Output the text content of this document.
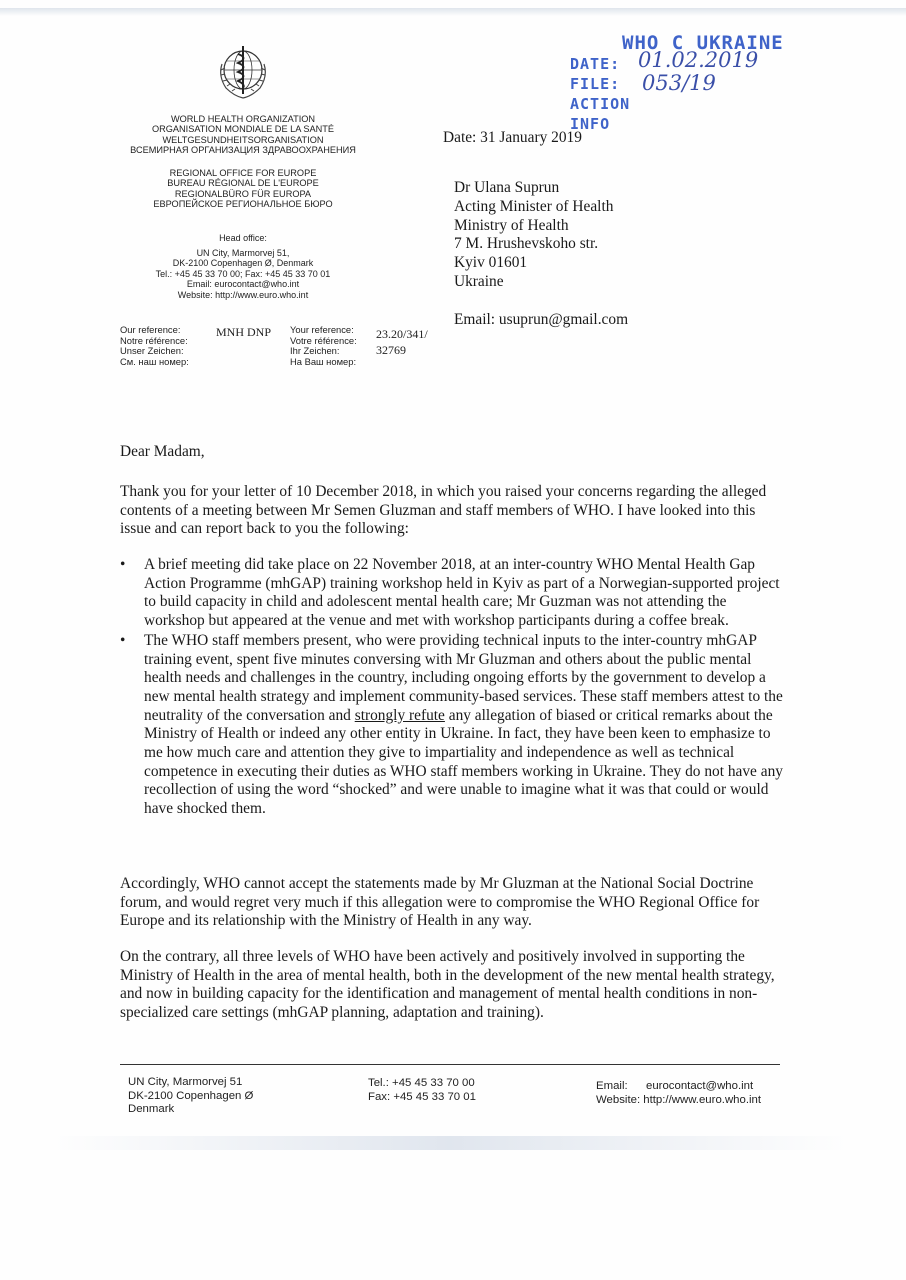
WORLD HEALTH ORGANIZATION
ORGANISATION MONDIALE DE LA SANTÉ
WELTGESUNDHEITSORGANISATION
ВСЕМИРНАЯ ОРГАНИЗАЦИЯ ЗДРАВООХРАНЕНИЯ
REGIONAL OFFICE FOR EUROPE
BUREAU RÉGIONAL DE L'EUROPE
REGIONALBÜRO FÜR EUROPA
ЕВРОПЕЙСКОЕ РЕГИОНАЛЬНОЕ БЮРО
Head office:
UN City, Marmorvej 51,
DK-2100 Copenhagen Ø, Denmark
Tel.: +45 45 33 70 00; Fax: +45 45 33 70 01
Email: eurocontact@who.int
Website: http://www.euro.who.int
Our reference:
Notre référence:
Unser Zeichen:
См. наш номер:
MNH DNP Your reference:
Votre référence:
Ihr Zeichen:
На Ваш номер:
23.20/341/
32769
WHO C UKRAINE
DATE: 01.02.2019
FILE: 053/19
ACTION
INFO
Date: 31 January 2019
Dr Ulana Suprun
Acting Minister of Health
Ministry of Health
7 M. Hrushevskoho str.
Kyiv 01601
Ukraine
Email: usuprun@gmail.com
Dear Madam,
Thank you for your letter of 10 December 2018, in which you raised your concerns regarding the alleged contents of a meeting between Mr Semen Gluzman and staff members of WHO. I have looked into this issue and can report back to you the following:
• A brief meeting did take place on 22 November 2018, at an inter-country WHO Mental Health Gap Action Programme (mhGAP) training workshop held in Kyiv as part of a Norwegian-supported project to build capacity in child and adolescent mental health care; Mr Guzman was not attending the workshop but appeared at the venue and met with workshop participants during a coffee break.
• The WHO staff members present, who were providing technical inputs to the inter-country mhGAP training event, spent five minutes conversing with Mr Gluzman and others about the public mental health needs and challenges in the country, including ongoing efforts by the government to develop a new mental health strategy and implement community-based services. These staff members attest to the neutrality of the conversation and strongly refute any allegation of biased or critical remarks about the Ministry of Health or indeed any other entity in Ukraine. In fact, they have been keen to emphasize to me how much care and attention they give to impartiality and independence as well as technical competence in executing their duties as WHO staff members working in Ukraine. They do not have any recollection of using the word “shocked” and were unable to imagine what it was that could or would have shocked them.
Accordingly, WHO cannot accept the statements made by Mr Gluzman at the National Social Doctrine forum, and would regret very much if this allegation were to compromise the WHO Regional Office for Europe and its relationship with the Ministry of Health in any way.
On the contrary, all three levels of WHO have been actively and positively involved in supporting the Ministry of Health in the area of mental health, both in the development of the new mental health strategy, and now in building capacity for the identification and management of mental health conditions in non-specialized care settings (mhGAP planning, adaptation and training).
UN City, Marmorvej 51
DK-2100 Copenhagen Ø
Denmark
Tel.: +45 45 33 70 00
Fax: +45 45 33 70 01
Email: eurocontact@who.int
Website: http://www.euro.who.int
